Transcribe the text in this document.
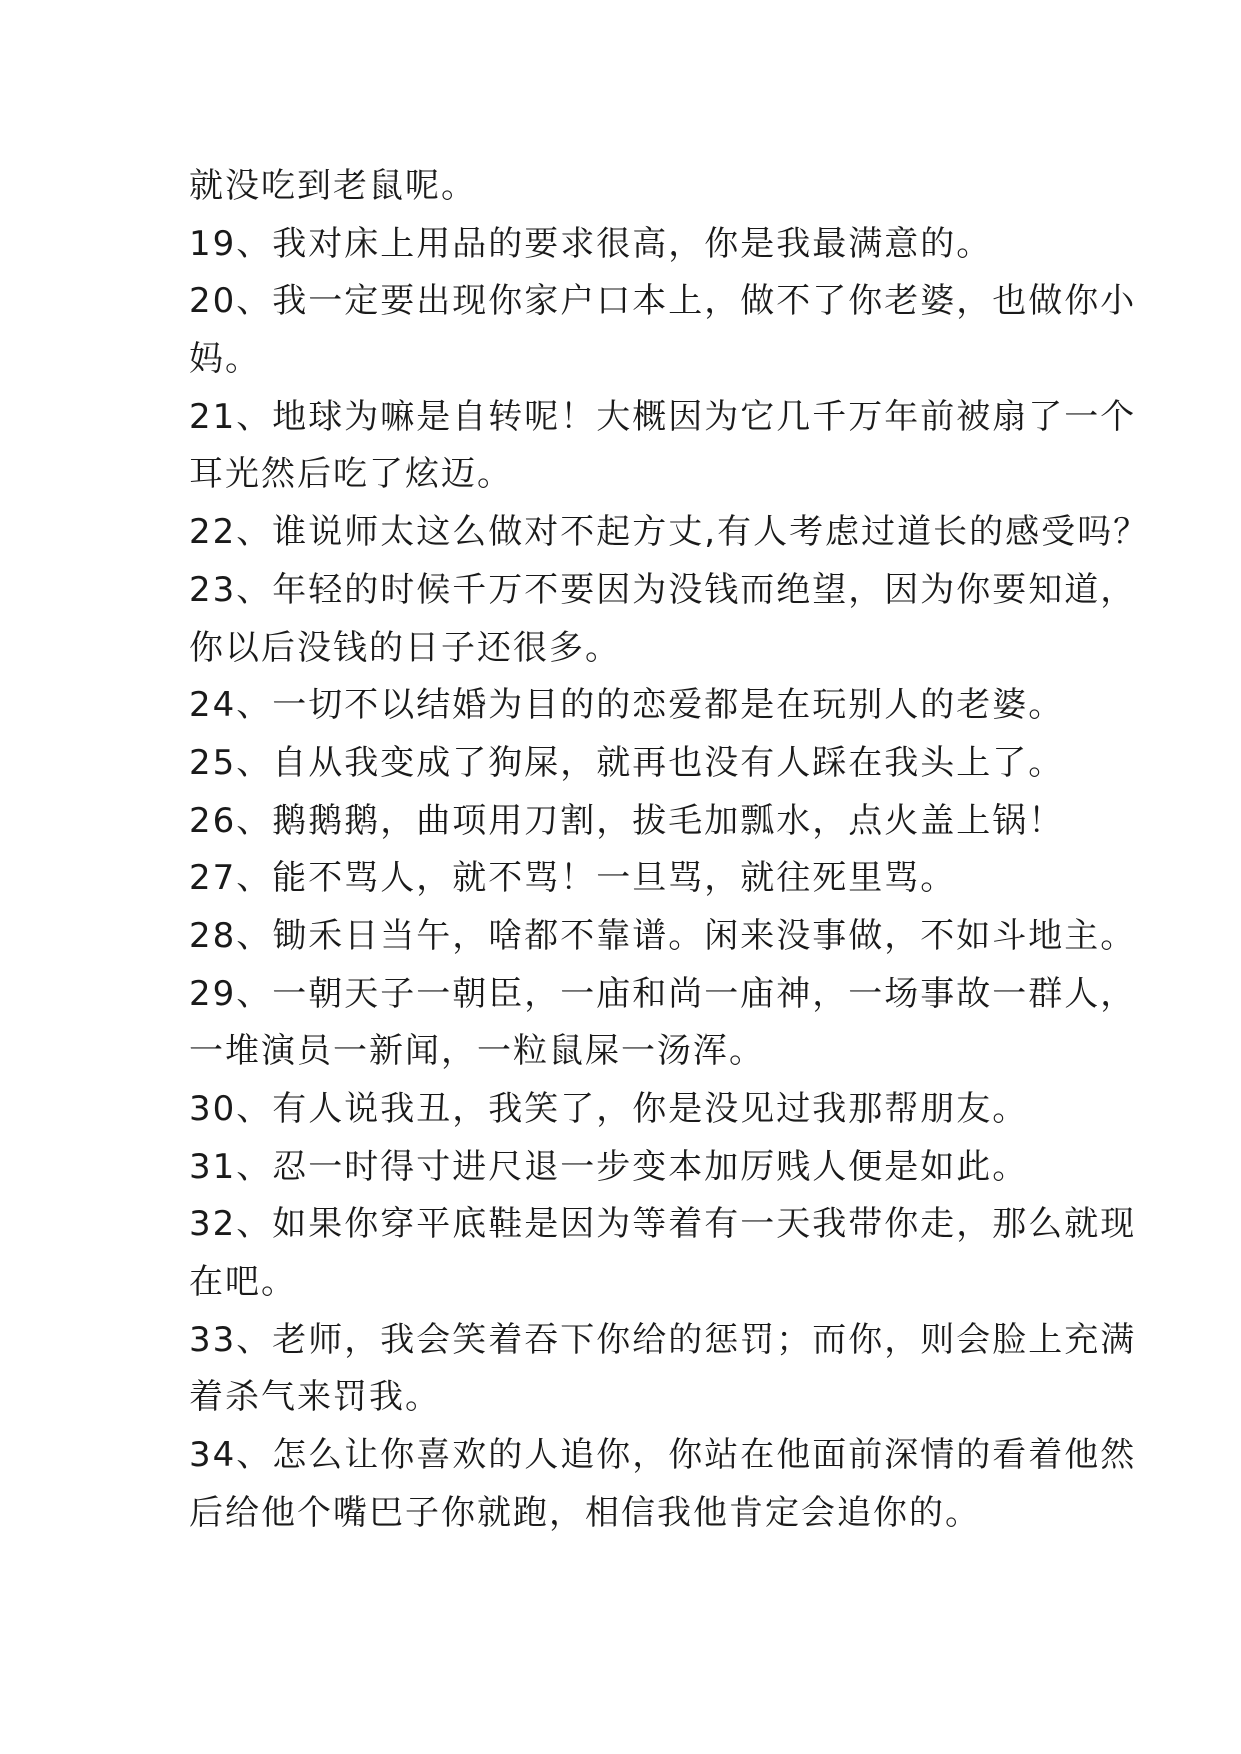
就没吃到老鼠呢。
19、我对床上用品的要求很高，你是我最满意的。
20、我一定要出现你家户口本上，做不了你老婆，也做你小
妈。
21、地球为嘛是自转呢！大概因为它几千万年前被扇了一个
耳光然后吃了炫迈。
22、谁说师太这么做对不起方丈,有人考虑过道长的感受吗？
23、年轻的时候千万不要因为没钱而绝望，因为你要知道，
你以后没钱的日子还很多。
24、一切不以结婚为目的的恋爱都是在玩别人的老婆。
25、自从我变成了狗屎，就再也没有人踩在我头上了。
26、鹅鹅鹅，曲项用刀割，拔毛加瓢水，点火盖上锅！
27、能不骂人，就不骂！一旦骂，就往死里骂。
28、锄禾日当午，啥都不靠谱。闲来没事做，不如斗地主。
29、一朝天子一朝臣，一庙和尚一庙神，一场事故一群人，
一堆演员一新闻，一粒鼠屎一汤浑。
30、有人说我丑，我笑了，你是没见过我那帮朋友。
31、忍一时得寸进尺退一步变本加厉贱人便是如此。
32、如果你穿平底鞋是因为等着有一天我带你走，那么就现
在吧。
33、老师，我会笑着吞下你给的惩罚；而你，则会脸上充满
着杀气来罚我。
34、怎么让你喜欢的人追你，你站在他面前深情的看着他然
后给他个嘴巴子你就跑，相信我他肯定会追你的。
